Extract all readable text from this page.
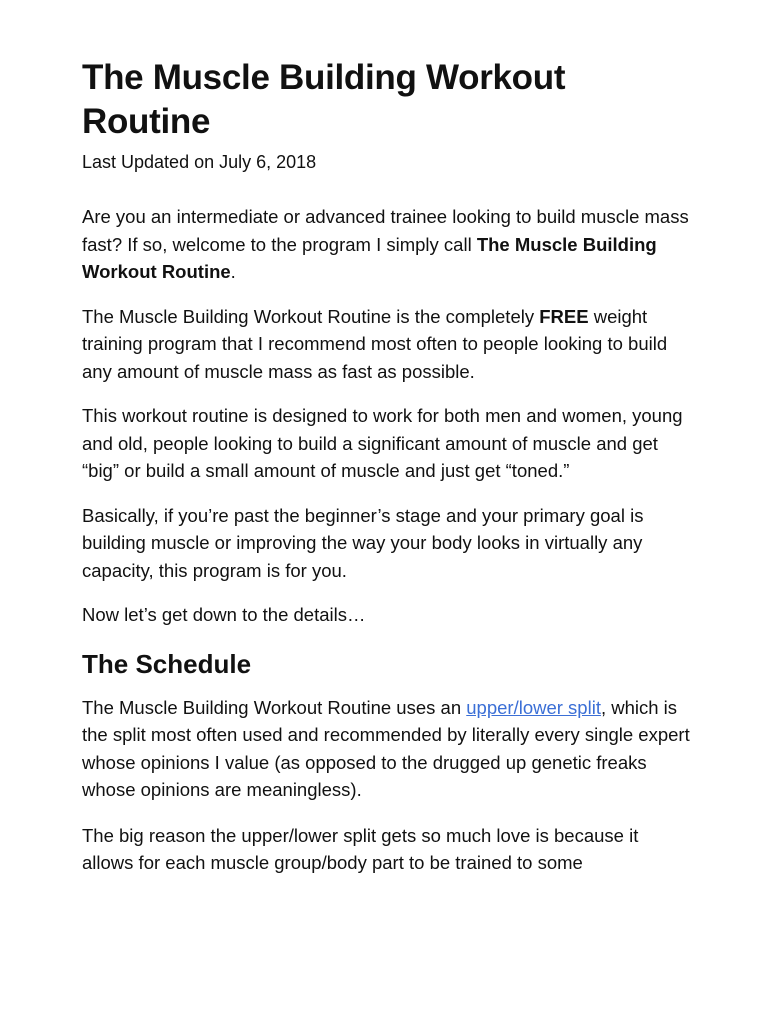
The Muscle Building Workout Routine

Last Updated on July 6, 2018

Are you an intermediate or advanced trainee looking to build muscle mass fast? If so, welcome to the program I simply call The Muscle Building Workout Routine.

The Muscle Building Workout Routine is the completely FREE weight training program that I recommend most often to people looking to build any amount of muscle mass as fast as possible.

This workout routine is designed to work for both men and women, young and old, people looking to build a significant amount of muscle and get “big” or build a small amount of muscle and just get “toned.”

Basically, if you’re past the beginner’s stage and your primary goal is building muscle or improving the way your body looks in virtually any capacity, this program is for you.

Now let’s get down to the details…

The Schedule

The Muscle Building Workout Routine uses an upper/lower split, which is the split most often used and recommended by literally every single expert whose opinions I value (as opposed to the drugged up genetic freaks whose opinions are meaningless).

The big reason the upper/lower split gets so much love is because it allows for each muscle group/body part to be trained to some
